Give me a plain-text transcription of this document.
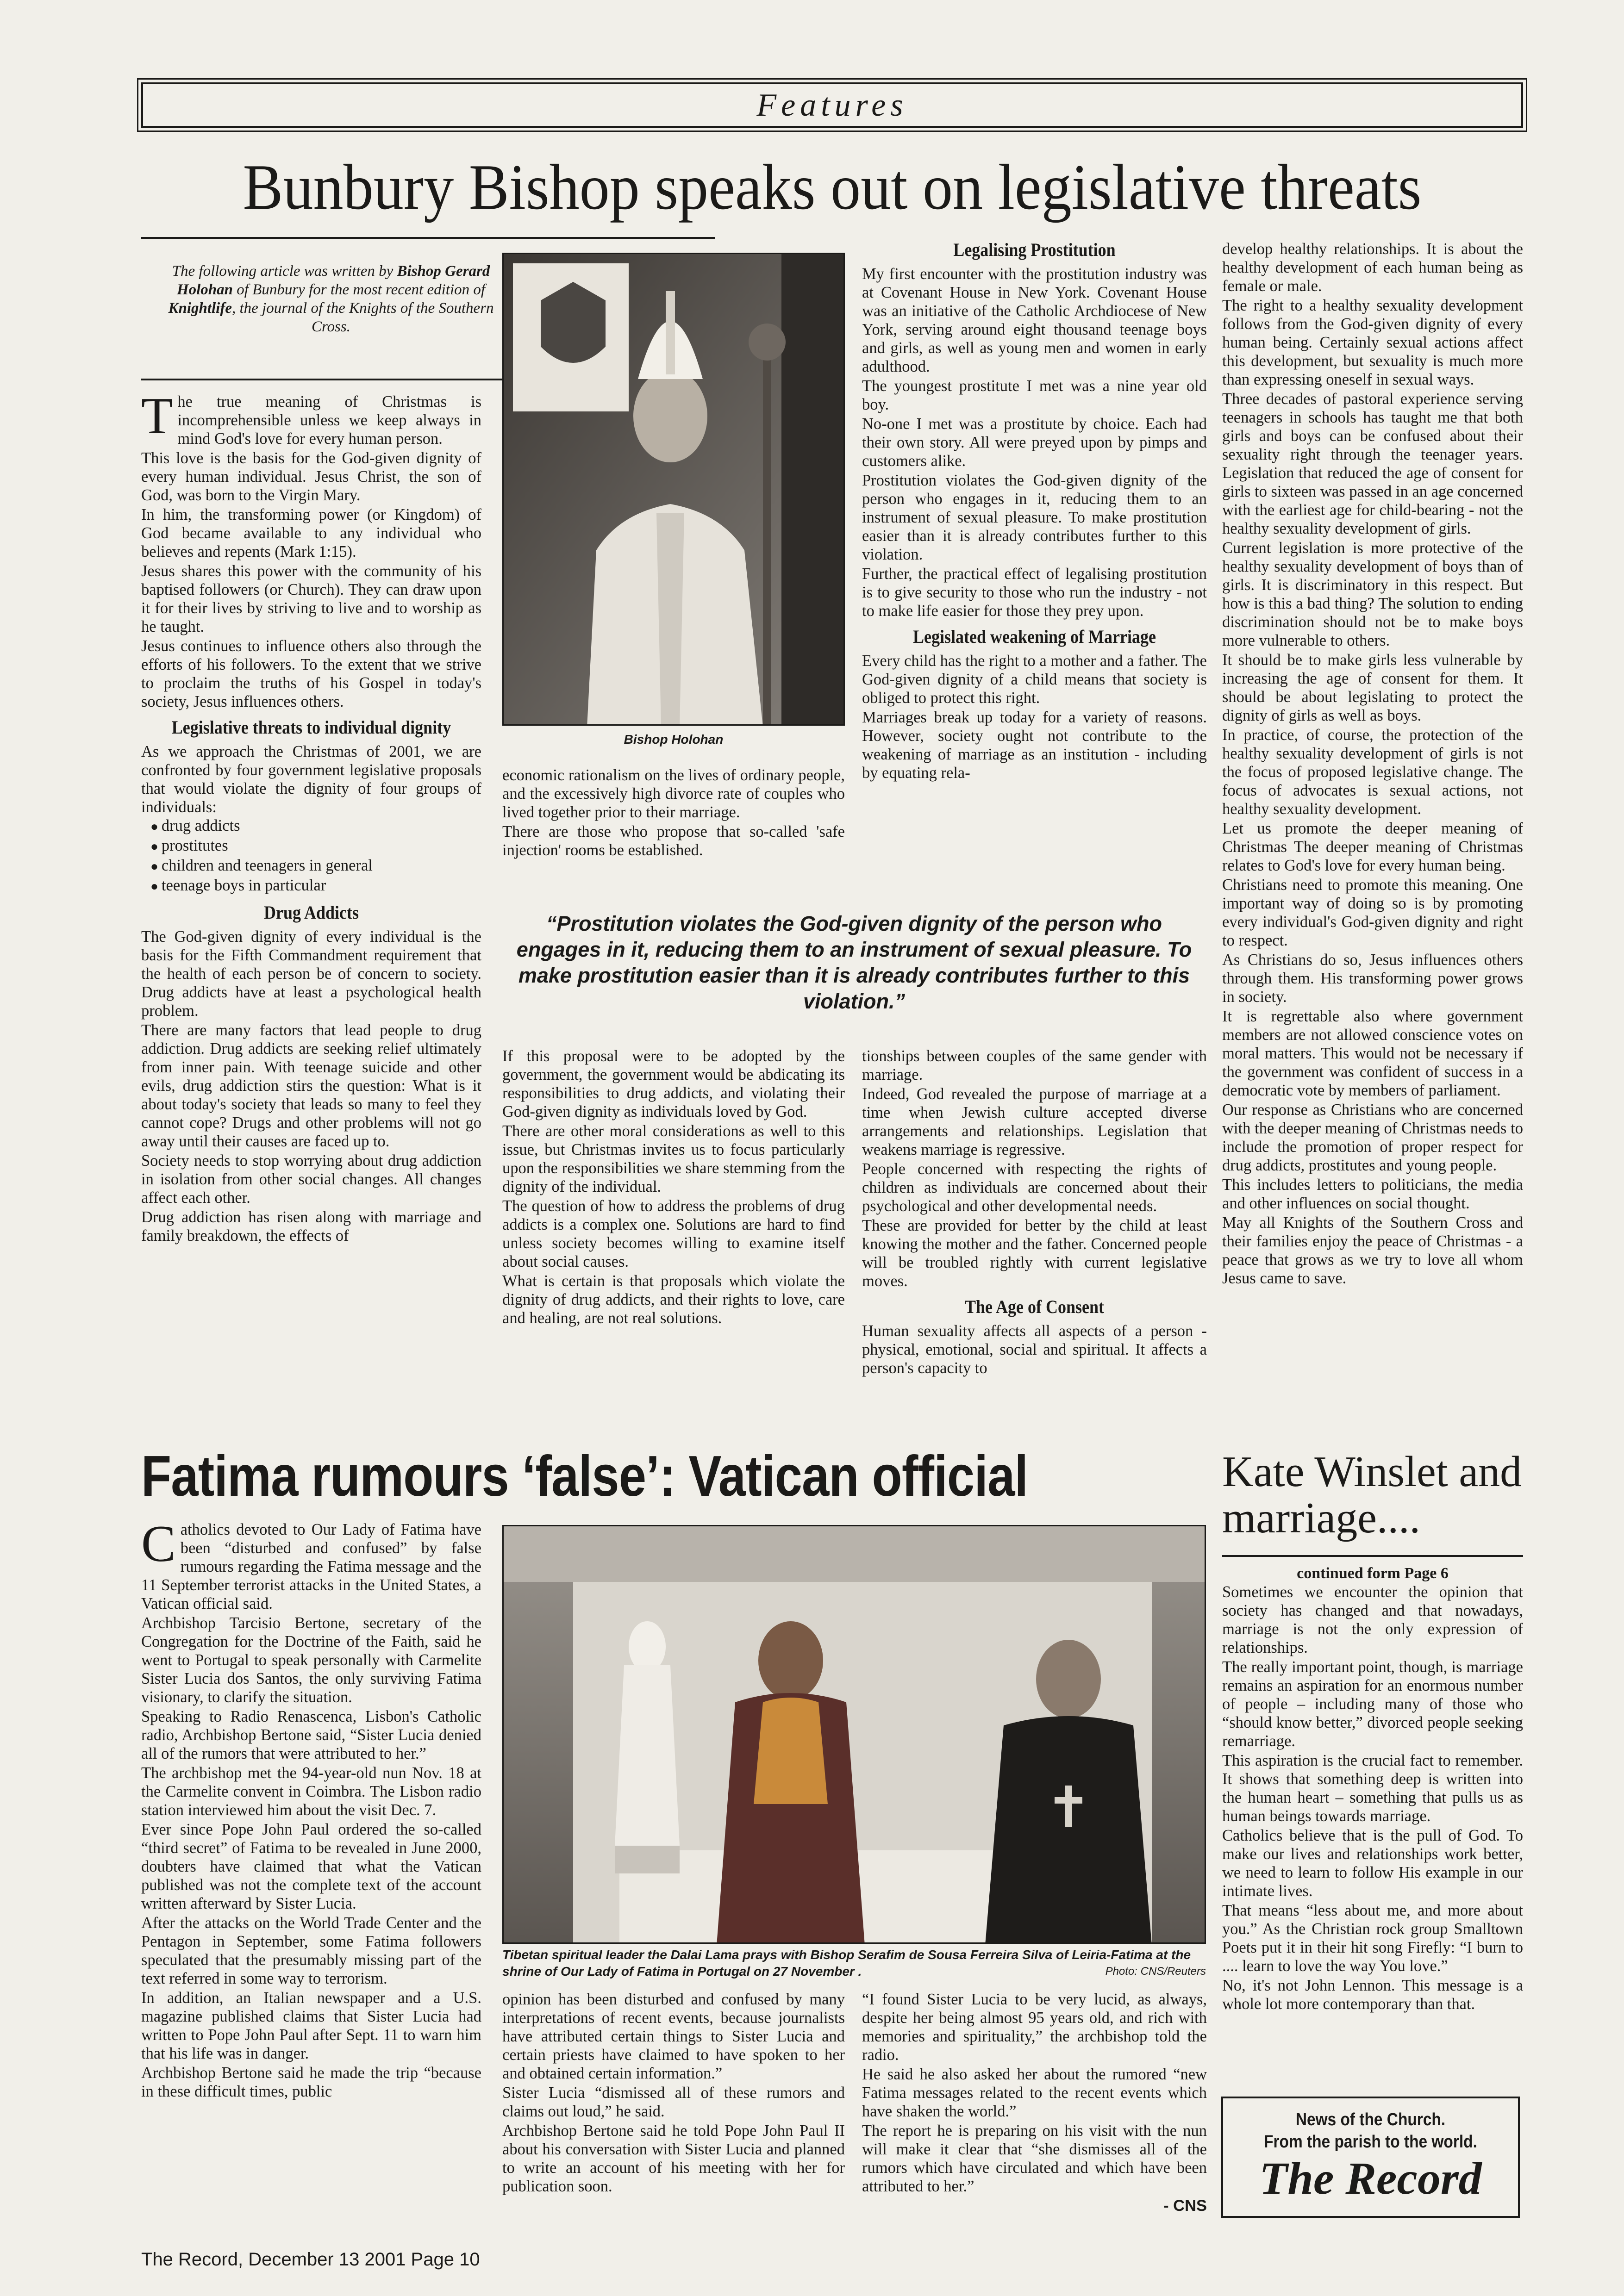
Features
Bunbury Bishop speaks out on legislative threats
The following article was written by Bishop Gerard Holohan of Bunbury for the most recent edition of Knightlife, the journal of the Knights of the Southern Cross.

The true meaning of Christmas is incomprehensible unless we keep always in mind God's love for every human person.

This love is the basis for the God-given dignity of every human individual. Jesus Christ, the son of God, was born to the Virgin Mary.

In him, the transforming power (or Kingdom) of God became available to any individual who believes and repents (Mark 1:15).

Jesus shares this power with the community of his baptised followers (or Church). They can draw upon it for their lives by striving to live and to worship as he taught.

Jesus continues to influence others also through the efforts of his followers. To the extent that we strive to proclaim the truths of his Gospel in today's society, Jesus influences others.

Legislative threats to individual dignity

As we approach the Christmas of 2001, we are confronted by four government legislative proposals that would violate the dignity of four groups of individuals:

● drug addicts
● prostitutes
● children and teenagers in general
● teenage boys in particular
Drug Addicts

The God-given dignity of every individual is the basis for the Fifth Commandment requirement that the health of each person be of concern to society. Drug addicts have at least a psychological health problem.

There are many factors that lead people to drug addiction. Drug addicts are seeking relief ultimately from inner pain. With teenage suicide and other evils, drug addiction stirs the question: What is it about today's society that leads so many to feel they cannot cope? Drugs and other problems will not go away until their causes are faced up to.

Society needs to stop worrying about drug addiction in isolation from other social changes. All changes affect each other.

Drug addiction has risen along with marriage and family breakdown, the effects of

Bishop Holohan

economic rationalism on the lives of ordinary people, and the excessively high divorce rate of couples who lived together prior to their marriage.

There are those who propose that so-called 'safe injection' rooms be established.

Legalising Prostitution

My first encounter with the prostitution industry was at Covenant House in New York. Covenant House was an initiative of the Catholic Archdiocese of New York, serving around eight thousand teenage boys and girls, as well as young men and women in early adulthood.

The youngest prostitute I met was a nine year old boy.

No-one I met was a prostitute by choice. Each had their own story. All were preyed upon by pimps and customers alike.

Prostitution violates the God-given dignity of the person who engages in it, reducing them to an instrument of sexual pleasure. To make prostitution easier than it is already contributes further to this violation.

Further, the practical effect of legalising prostitution is to give security to those who run the industry - not to make life easier for those they prey upon.

Legislated weakening of Marriage

Every child has the right to a mother and a father. The God-given dignity of a child means that society is obliged to protect this right.

Marriages break up today for a variety of reasons. However, society ought not contribute to the weakening of marriage as an institution - including by equating rela-

“Prostitution violates the God-given dignity of the person who engages in it, reducing them to an instrument of sexual pleasure. To make prostitution easier than it is already contributes further to this violation.”

If this proposal were to be adopted by the government, the government would be abdicating its responsibilities to drug addicts, and violating their God-given dignity as individuals loved by God.

There are other moral considerations as well to this issue, but Christmas invites us to focus particularly upon the responsibilities we share stemming from the dignity of the individual.

The question of how to address the problems of drug addicts is a complex one. Solutions are hard to find unless society becomes willing to examine itself about social causes.

What is certain is that proposals which violate the dignity of drug addicts, and their rights to love, care and healing, are not real solutions.

tionships between couples of the same gender with marriage.

Indeed, God revealed the purpose of marriage at a time when Jewish culture accepted diverse arrangements and relationships. Legislation that weakens marriage is regressive.

People concerned with respecting the rights of children as individuals are concerned about their psychological and other developmental needs.

These are provided for better by the child at least knowing the mother and the father. Concerned people will be troubled rightly with current legislative moves.

The Age of Consent

Human sexuality affects all aspects of a person - physical, emotional, social and spiritual. It affects a person's capacity to

develop healthy relationships. It is about the healthy development of each human being as female or male.

The right to a healthy sexuality development follows from the God-given dignity of every human being. Certainly sexual actions affect this development, but sexuality is much more than expressing oneself in sexual ways.

Three decades of pastoral experience serving teenagers in schools has taught me that both girls and boys can be confused about their sexuality right through the teenager years. Legislation that reduced the age of consent for girls to sixteen was passed in an age concerned with the earliest age for child-bearing - not the healthy sexuality development of girls.

Current legislation is more protective of the healthy sexuality development of boys than of girls. It is discriminatory in this respect. But how is this a bad thing? The solution to ending discrimination should not be to make boys more vulnerable to others.

It should be to make girls less vulnerable by increasing the age of consent for them. It should be about legislating to protect the dignity of girls as well as boys.

In practice, of course, the protection of the healthy sexuality development of girls is not the focus of proposed legislative change. The focus of advocates is sexual actions, not healthy sexuality development.

Let us promote the deeper meaning of Christmas The deeper meaning of Christmas relates to God's love for every human being.

Christians need to promote this meaning. One important way of doing so is by promoting every individual's God-given dignity and right to respect.

As Christians do so, Jesus influences others through them. His transforming power grows in society.

It is regrettable also where government members are not allowed conscience votes on moral matters. This would not be necessary if the government was confident of success in a democratic vote by members of parliament.

Our response as Christians who are concerned with the deeper meaning of Christmas needs to include the promotion of proper respect for drug addicts, prostitutes and young people.

This includes letters to politicians, the media and other influences on social thought.

May all Knights of the Southern Cross and their families enjoy the peace of Christmas - a peace that grows as we try to love all whom Jesus came to save.

Fatima rumours ‘false’: Vatican official

Catholics devoted to Our Lady of Fatima have been “disturbed and confused” by false rumours regarding the Fatima message and the 11 September terrorist attacks in the United States, a Vatican official said.

Archbishop Tarcisio Bertone, secretary of the Congregation for the Doctrine of the Faith, said he went to Portugal to speak personally with Carmelite Sister Lucia dos Santos, the only surviving Fatima visionary, to clarify the situation.

Speaking to Radio Renascenca, Lisbon's Catholic radio, Archbishop Bertone said, “Sister Lucia denied all of the rumors that were attributed to her.”

The archbishop met the 94-year-old nun Nov. 18 at the Carmelite convent in Coimbra. The Lisbon radio station interviewed him about the visit Dec. 7.

Ever since Pope John Paul ordered the so-called “third secret” of Fatima to be revealed in June 2000, doubters have claimed that what the Vatican published was not the complete text of the account written afterward by Sister Lucia.

After the attacks on the World Trade Center and the Pentagon in September, some Fatima followers speculated that the presumably missing part of the text referred in some way to terrorism.

In addition, an Italian newspaper and a U.S. magazine published claims that Sister Lucia had written to Pope John Paul after Sept. 11 to warn him that his life was in danger.

Archbishop Bertone said he made the trip “because in these difficult times, public

Tibetan spiritual leader the Dalai Lama prays with Bishop Serafim de Sousa Ferreira Silva of Leiria-Fatima at the shrine of Our Lady of Fatima in Portugal on 27 November .	Photo: CNS/Reuters

opinion has been disturbed and confused by many interpretations of recent events, because journalists have attributed certain things to Sister Lucia and certain priests have claimed to have spoken to her and obtained certain information.”

Sister Lucia “dismissed all of these rumors and claims out loud,” he said.

Archbishop Bertone said he told Pope John Paul II about his conversation with Sister Lucia and planned to write an account of his meeting with her for publication soon.

“I found Sister Lucia to be very lucid, as always, despite her being almost 95 years old, and rich with memories and spirituality,” the archbishop told the radio.

He said he also asked her about the rumored “new Fatima messages related to the recent events which have shaken the world.”

The report he is preparing on his visit with the nun will make it clear that “she dismisses all of the rumors which have circulated and which have been attributed to her.”

- CNS

Kate Winslet and marriage....
continued form Page 6

Sometimes we encounter the opinion that society has changed and that nowadays, marriage is not the only expression of relationships.

The really important point, though, is marriage remains an aspiration for an enormous number of people – including many of those who “should know better,” divorced people seeking remarriage.

This aspiration is the crucial fact to remember. It shows that something deep is written into the human heart – something that pulls us as human beings towards marriage.

Catholics believe that is the pull of God. To make our lives and relationships work better, we need to learn to follow His example in our intimate lives.

That means “less about me, and more about you.” As the Christian rock group Smalltown Poets put it in their hit song Firefly: “I burn to .... learn to love the way You love.”

No, it's not John Lennon. This message is a whole lot more contemporary than that.

News of the Church.
From the parish to the world.
The Record
The Record, December 13 2001 Page 10
